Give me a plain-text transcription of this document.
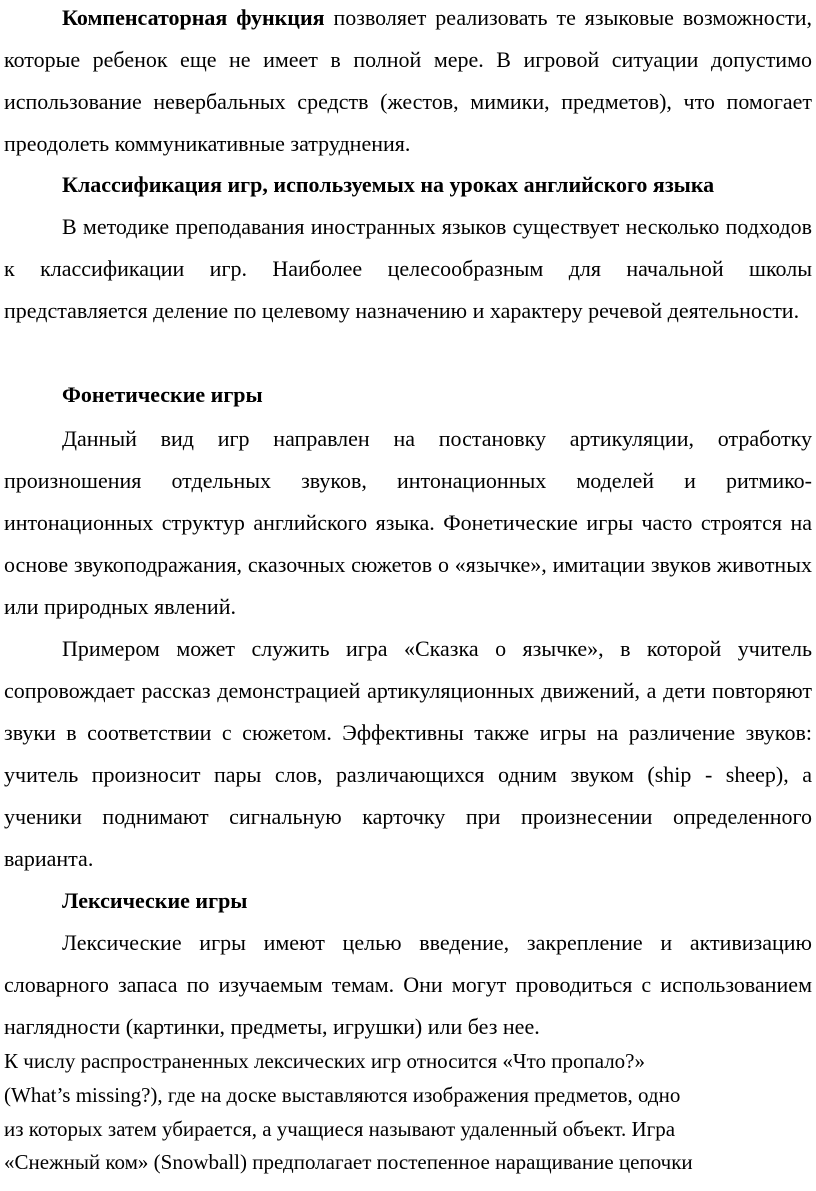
Компенсаторная функция позволяет реализовать те языковые возможности, которые ребенок еще не имеет в полной мере. В игровой ситуации допустимо использование невербальных средств (жестов, мимики, предметов), что помогает преодолеть коммуникативные затруднения.

Классификация игр, используемых на уроках английского языка

В методике преподавания иностранных языков существует несколько подходов к классификации игр. Наиболее целесообразным для начальной школы представляется деление по целевому назначению и характеру речевой деятельности.

Фонетические игры

Данный вид игр направлен на постановку артикуляции, отработку произношения отдельных звуков, интонационных моделей и ритмико-интонационных структур английского языка. Фонетические игры часто строятся на основе звукоподражания, сказочных сюжетов о «язычке», имитации звуков животных или природных явлений.

Примером может служить игра «Сказка о язычке», в которой учитель сопровождает рассказ демонстрацией артикуляционных движений, а дети повторяют звуки в соответствии с сюжетом. Эффективны также игры на различение звуков: учитель произносит пары слов, различающихся одним звуком (ship - sheep), а ученики поднимают сигнальную карточку при произнесении определенного варианта.

Лексические игры

Лексические игры имеют целью введение, закрепление и активизацию словарного запаса по изучаемым темам. Они могут проводиться с использованием наглядности (картинки, предметы, игрушки) или без нее.

К числу распространенных лексических игр относится «Что пропало?»

(What’s missing?), где на доске выставляются изображения предметов, одно

из которых затем убирается, а учащиеся называют удаленный объект. Игра

«Снежный ком» (Snowball) предполагает постепенное наращивание цепочки
